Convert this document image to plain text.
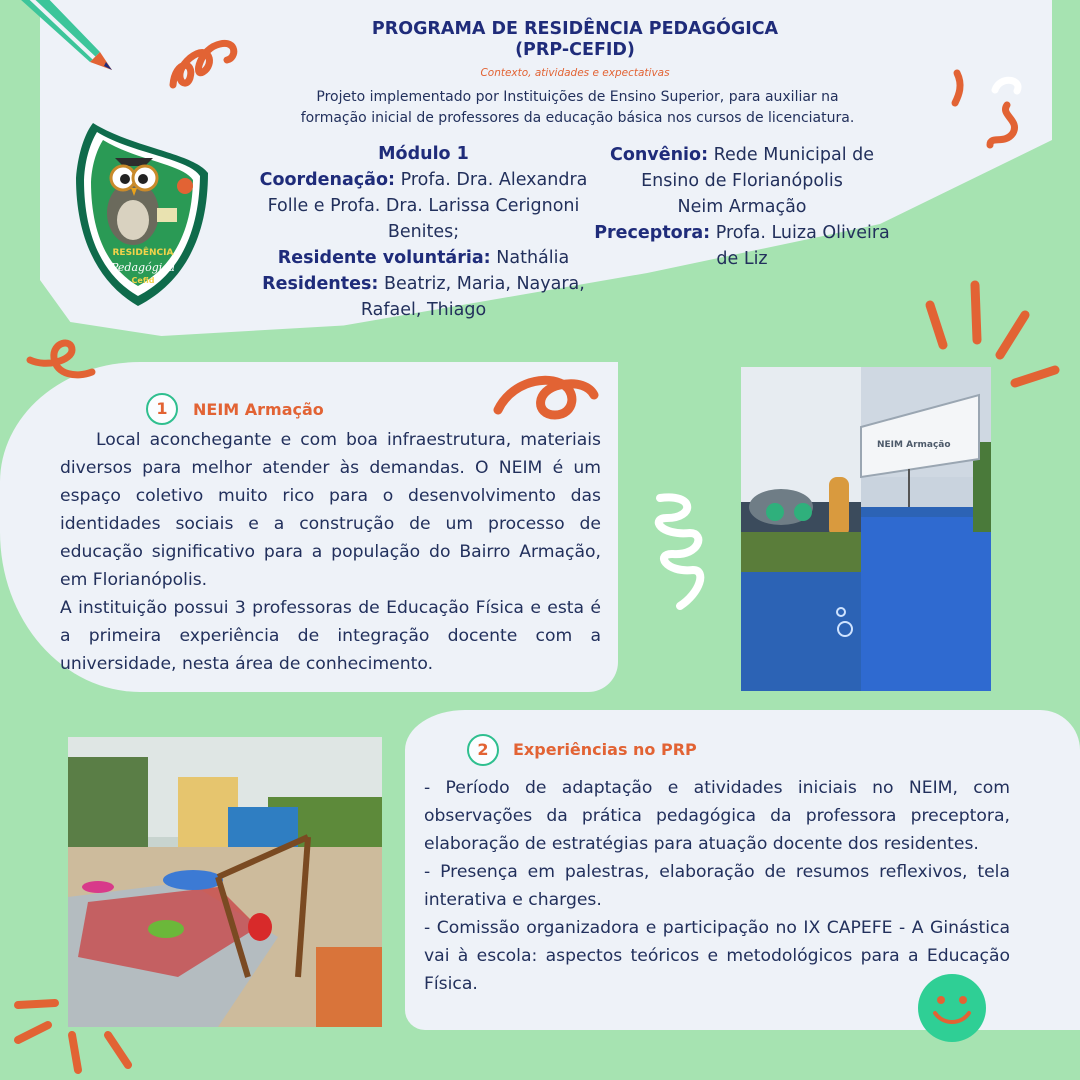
PROGRAMA DE RESIDÊNCIA PEDAGÓGICA
(PRP-CEFID)
Contexto, atividades e expectativas
Projeto implementado por Instituições de Ensino Superior, para auxiliar na
formação inicial de professores da educação básica nos cursos de licenciatura.
RESIDÊNCIA
Pedagógica
Cefid
Módulo 1
Coordenação: Profa. Dra. Alexandra
Folle e Profa. Dra. Larissa Cerignoni
Benites;
Residente voluntária: Nathália
Residentes: Beatriz, Maria, Nayara,
Rafael, Thiago
Convênio: Rede Municipal de
Ensino de Florianópolis
Neim Armação
Preceptora: Profa. Luiza Oliveira
de Liz
1	NEIM Armação

Local aconchegante e com boa infraestrutura, materiais diversos para melhor atender às demandas. O NEIM é um espaço coletivo muito rico para o desenvolvimento das identidades sociais e a construção de um processo de educação significativo para a população do Bairro Armação, em Florianópolis.

A instituição possui 3 professoras de Educação Física e esta é a primeira experiência de integração docente com a universidade, nesta área de conhecimento.

NEIM Armação
2	Experiências no PRP

- Período de adaptação e atividades iniciais no NEIM, com observações da prática pedagógica da professora preceptora, elaboração de estratégias para atuação docente dos residentes.

- Presença em palestras, elaboração de resumos reflexivos, tela interativa e charges.

- Comissão organizadora e participação no IX CAPEFE - A Ginástica vai à escola: aspectos teóricos e metodológicos para a Educação Física.
